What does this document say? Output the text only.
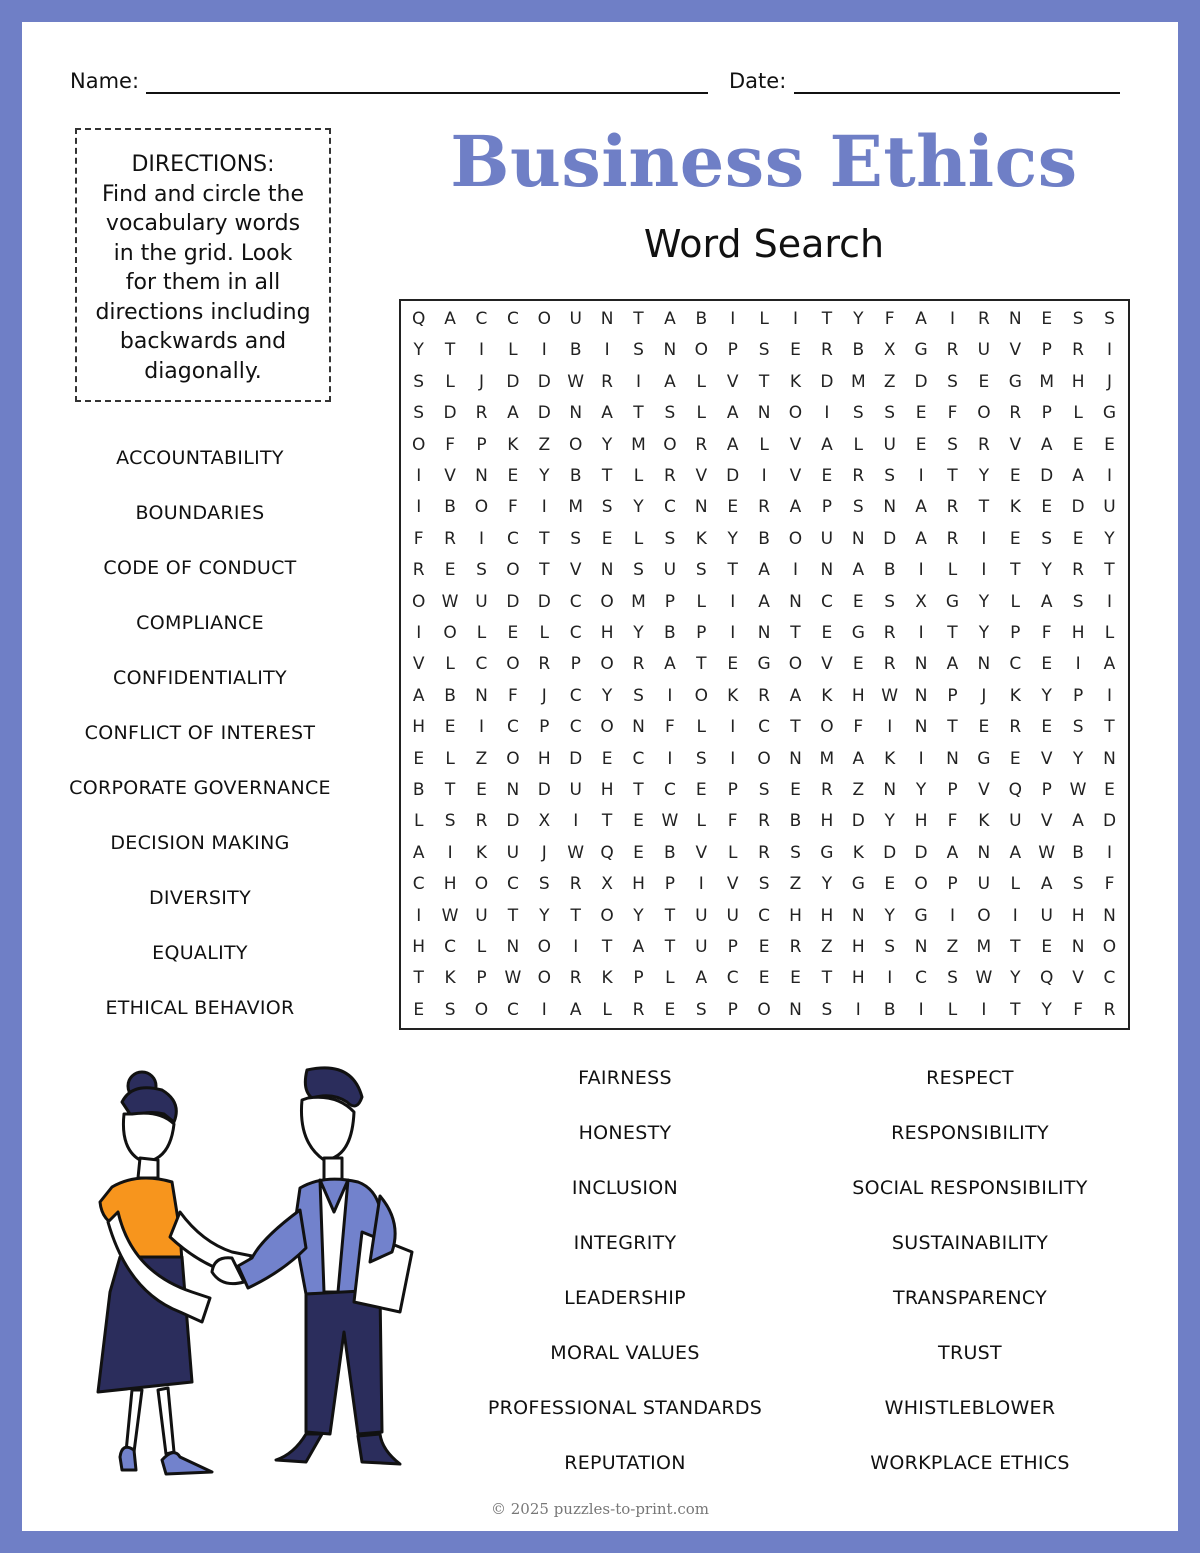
Name:	Date:
DIRECTIONS:
Find and circle the
vocabulary words
in the grid. Look
for them in all
directions including
backwards and
diagonally.
Business Ethics
Word Search
Q	A	C	C	O	U	N	T	A	B	I	L	I	T	Y	F	A	I	R	N	E	S	S
Y	T	I	L	I	B	I	S	N	O	P	S	E	R	B	X	G	R	U	V	P	R	I
S	L	J	D	D W	R	I	A	L	V	T	K	D	M	Z	D	S	E	G	M	H	J
S	D	R	A	D	N	A	T	S	L	A	N	O	I	S	S	E	F	O	R	P	L	G
O	F	P	K	Z	O	Y	M	O	R	A	L	V	A	L	U	E	S	R	V	A	E	E
I	V	N	E	Y	B	T	L	R	V	D	I	V	E	R	S	I	T	Y	E	D	A	I
I	B	O	F	I	M	S	Y	C	N	E	R	A	P	S	N	A	R	T	K	E	D	U
F	R	I	C	T	S	E	L	S	K	Y	B	O	U	N	D	A	R	I	E	S	E	Y
R	E	S	O	T	V	N	S	U	S	T	A	I	N	A	B	I	L	I	T	Y	R	T
O W U	D	D	C	O	M	P	L	I	A	N	C	E	S	X	G	Y	L	A	S	I
I	O	L	E	L	C	H	Y	B	P	I	N	T	E	G	R	I	T	Y	P	F	H	L
V	L	C	O	R	P	O	R	A	T	E	G	O	V	E	R	N	A	N	C	E	I	A
A	B	N	F	J	C	Y	S	I	O	K	R	A	K	H W N	P	J	K	Y	P	I
H	E	I	C	P	C	O	N	F	L	I	C	T	O	F	I	N	T	E	R	E	S	T
E	L	Z	O	H	D	E	C	I	S	I	O	N	M	A	K	I	N	G	E	V	Y	N
B	T	E	N	D	U	H	T	C	E	P	S	E	R	Z	N	Y	P	V	Q	P	W	E
L	S	R	D	X	I	T	E	W	L	F	R	B	H	D	Y	H	F	K	U	V	A	D
A	I	K	U	J	W Q	E	B	V	L	R	S	G	K	D	D	A	N	A	W	B	I
C	H	O	C	S	R	X	H	P	I	V	S	Z	Y	G	E	O	P	U	L	A	S	F
I	W U	T	Y	T	O	Y	T	U	U	C	H	H	N	Y	G	I	O	I	U	H	N
H	C	L	N	O	I	T	A	T	U	P	E	R	Z	H	S	N	Z	M	T	E	N	O
T	K	P	W O	R	K	P	L	A	C	E	E	T	H	I	C	S	W	Y	Q	V	C
E	S	O	C	I	A	L	R	E	S	P	O	N	S	I	B	I	L	I	T	Y	F	R
ACCOUNTABILITY
BOUNDARIES
CODE OF CONDUCT
COMPLIANCE
CONFIDENTIALITY
CONFLICT OF INTEREST
CORPORATE GOVERNANCE
DECISION MAKING
DIVERSITY
EQUALITY
ETHICAL BEHAVIOR
FAIRNESS
HONESTY
INCLUSION
INTEGRITY
LEADERSHIP
MORAL VALUES
PROFESSIONAL STANDARDS
REPUTATION
RESPECT
RESPONSIBILITY
SOCIAL RESPONSIBILITY
SUSTAINABILITY
TRANSPARENCY
TRUST
WHISTLEBLOWER
WORKPLACE ETHICS
© 2025 puzzles-to-print.com
